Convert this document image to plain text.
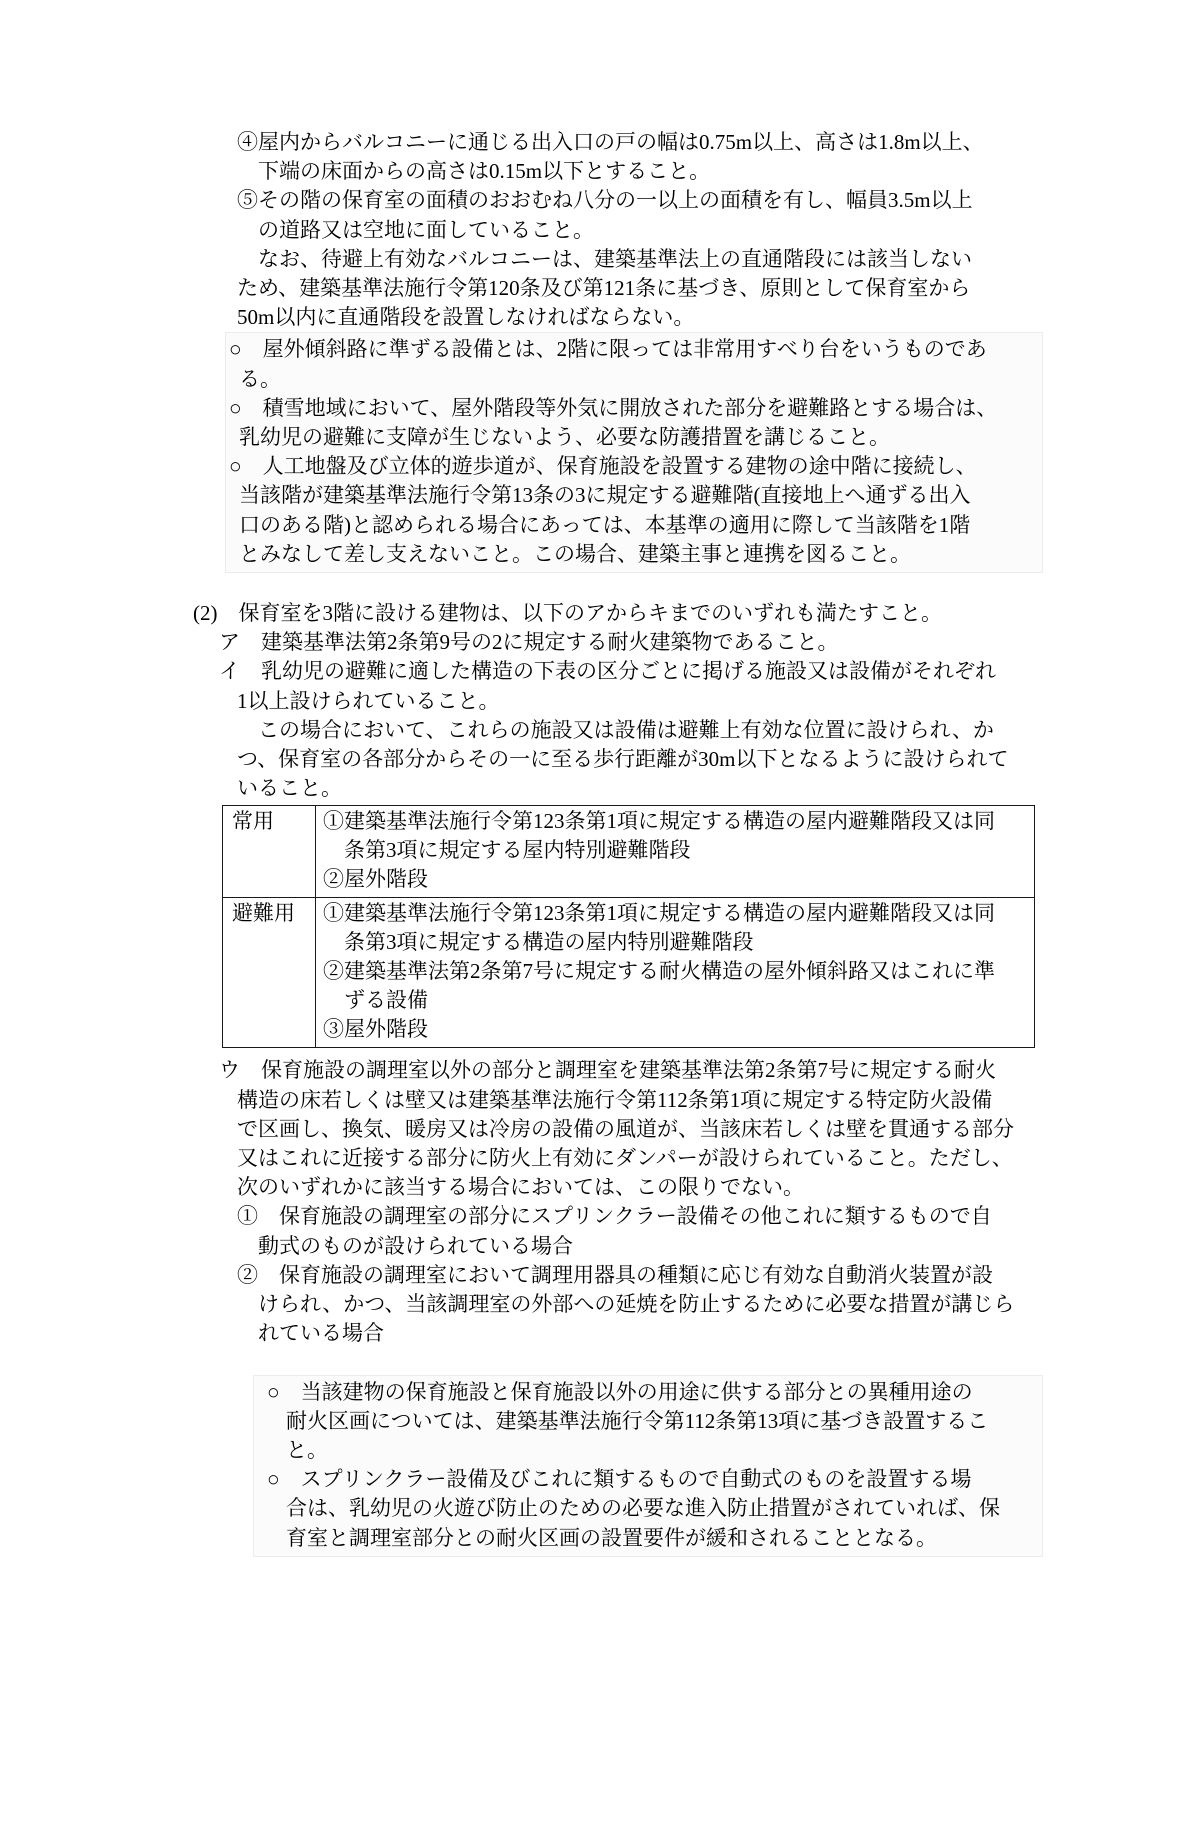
④屋内からバルコニーに通じる出入口の戸の幅は0.75m以上、高さは1.8m以上、
下端の床面からの高さは0.15m以下とすること。
⑤その階の保育室の面積のおおむね八分の一以上の面積を有し、幅員3.5m以上
の道路又は空地に面していること。
なお、待避上有効なバルコニーは、建築基準法上の直通階段には該当しない
ため、建築基準法施行令第120条及び第121条に基づき、原則として保育室から
50m以内に直通階段を設置しなければならない。
○　屋外傾斜路に準ずる設備とは、2階に限っては非常用すべり台をいうものであ
る。
○　積雪地域において、屋外階段等外気に開放された部分を避難路とする場合は、
乳幼児の避難に支障が生じないよう、必要な防護措置を講じること。
○　人工地盤及び立体的遊歩道が、保育施設を設置する建物の途中階に接続し、
当該階が建築基準法施行令第13条の3に規定する避難階(直接地上へ通ずる出入
口のある階)と認められる場合にあっては、本基準の適用に際して当該階を1階
とみなして差し支えないこと。この場合、建築主事と連携を図ること。
(2)　保育室を3階に設ける建物は、以下のアからキまでのいずれも満たすこと。
ア　建築基準法第2条第9号の2に規定する耐火建築物であること。
イ　乳幼児の避難に適した構造の下表の区分ごとに掲げる施設又は設備がそれぞれ
1以上設けられていること。
この場合において、これらの施設又は設備は避難上有効な位置に設けられ、か
つ、保育室の各部分からその一に至る歩行距離が30m以下となるように設けられて
いること。
常用	①建築基準法施行令第123条第1項に規定する構造の屋内避難階段又は同
　条第3項に規定する屋内特別避難階段
②屋外階段

避難用	①建築基準法施行令第123条第1項に規定する構造の屋内避難階段又は同
　条第3項に規定する構造の屋内特別避難階段
②建築基準法第2条第7号に規定する耐火構造の屋外傾斜路又はこれに準
　ずる設備
③屋外階段
ウ　保育施設の調理室以外の部分と調理室を建築基準法第2条第7号に規定する耐火
構造の床若しくは壁又は建築基準法施行令第112条第1項に規定する特定防火設備
で区画し、換気、暖房又は冷房の設備の風道が、当該床若しくは壁を貫通する部分
又はこれに近接する部分に防火上有効にダンパーが設けられていること。ただし、
次のいずれかに該当する場合においては、この限りでない。
①　保育施設の調理室の部分にスプリンクラー設備その他これに類するもので自
動式のものが設けられている場合
②　保育施設の調理室において調理用器具の種類に応じ有効な自動消火装置が設
けられ、かつ、当該調理室の外部への延焼を防止するために必要な措置が講じら
れている場合
○　当該建物の保育施設と保育施設以外の用途に供する部分との異種用途の
耐火区画については、建築基準法施行令第112条第13項に基づき設置するこ
と。
○　スプリンクラー設備及びこれに類するもので自動式のものを設置する場
合は、乳幼児の火遊び防止のための必要な進入防止措置がされていれば、保
育室と調理室部分との耐火区画の設置要件が緩和されることとなる。
